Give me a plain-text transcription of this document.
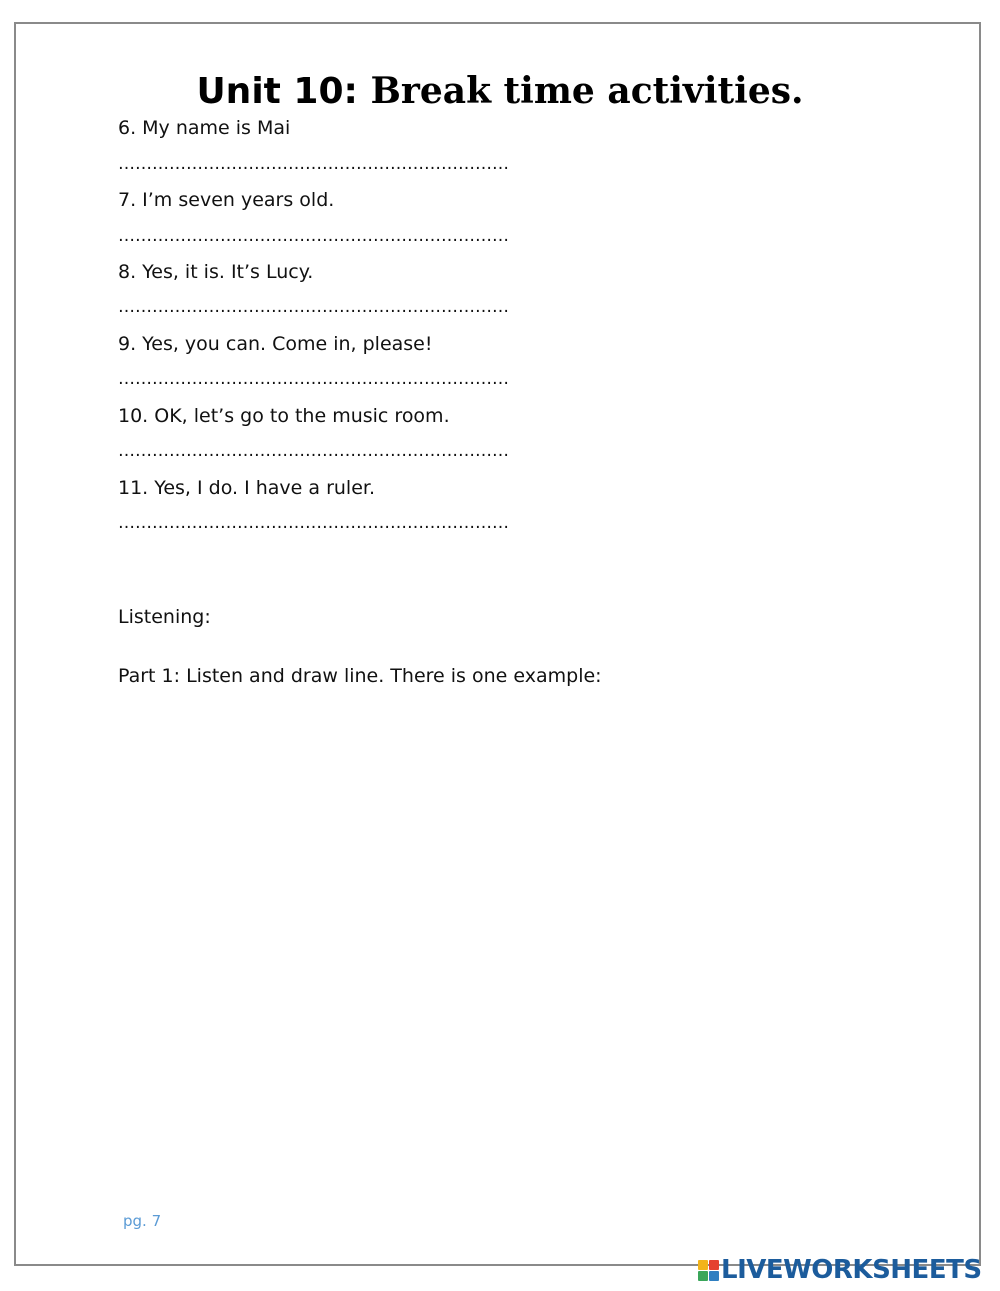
Unit 10: Break time activities.
6. My name is Mai
……………………………………………………………
7. I’m seven years old.
……………………………………………………………
8. Yes, it is. It’s Lucy.
……………………………………………………………
9. Yes, you can. Come in, please!
……………………………………………………………
10. OK, let’s go to the music room.
……………………………………………………………
11. Yes, I do. I have a ruler.
……………………………………………………………
Listening:
Part 1: Listen and draw line. There is one example:
pg. 7
LIVEWORKSHEETS
